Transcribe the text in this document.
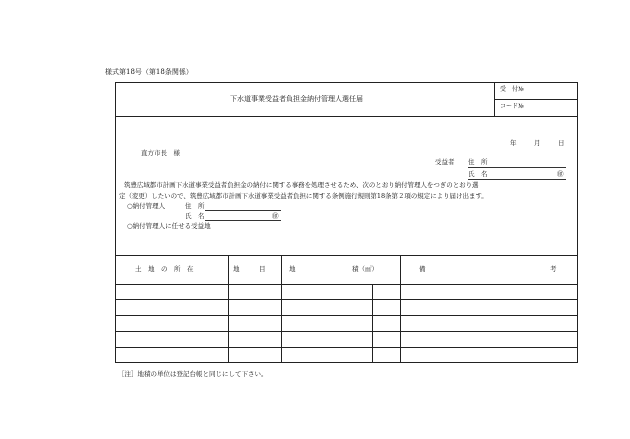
様式第18号（第18条関係）
下水道事業受益者負担金納付管理人選任届
受　付№
コード№
年	月	日
直方市長　様
受益者 住　所
氏　名	㊞
筑豊広域都市計画下水道事業受益者負担金の納付に関する事務を処理させるため、次のとおり納付管理人をつぎのとおり選
定（変更）したいので、筑豊広域都市計画下水道事業受益者負担に関する条例施行規則第18条第２項の規定により届け出ます。
○納付管理人	住　所
氏　名	㊞
○納付管理人に任せる受益地
土　地　の　所　在	地　　　目	地	積（㎡）	備	考
［注］地積の単位は登記台帳と同じにして下さい。
